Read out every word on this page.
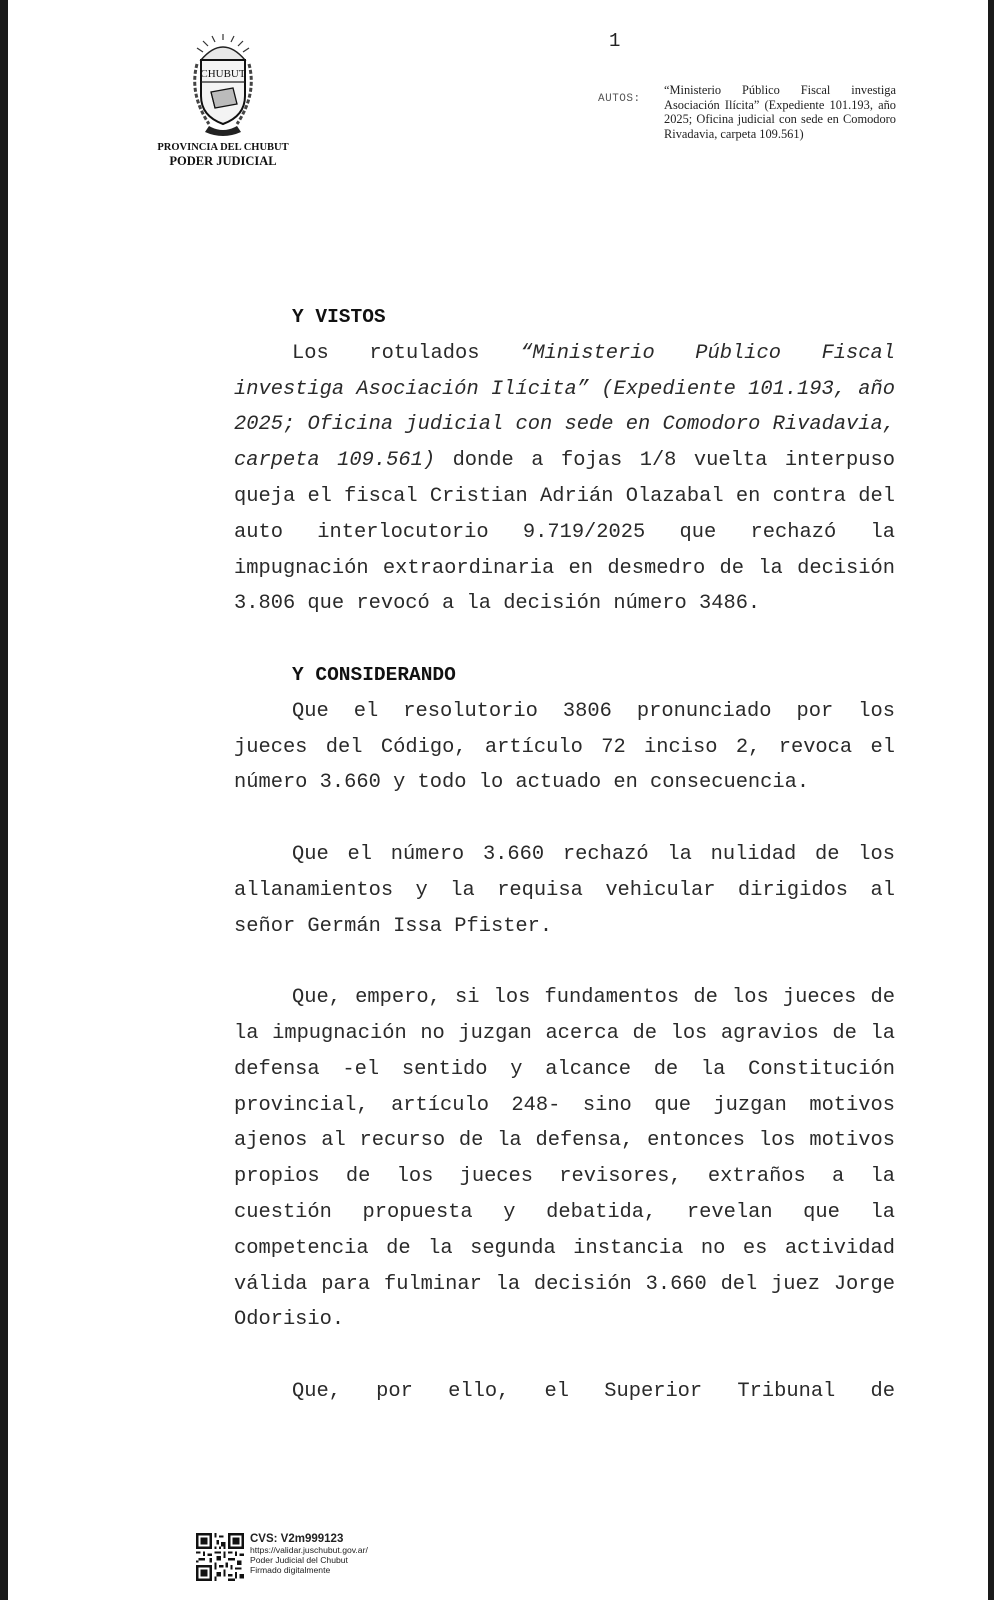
1
CHUBUT
PROVINCIA DEL CHUBUT
PODER JUDICIAL
AUTOS:
“Ministerio Público Fiscal investiga Asociación Ilícita” (Expediente 101.193, año 2025; Oficina judicial con sede en Comodoro Rivadavia, carpeta 109.561)

Y VISTOS

Los rotulados “Ministerio Público Fiscal investiga Asociación Ilícita” (Expediente 101.193, año 2025; Oficina judicial con sede en Comodoro Rivadavia, carpeta 109.561) donde a fojas 1/8 vuelta interpuso queja el fiscal Cristian Adrián Olazabal en contra del auto interlocutorio 9.719/2025 que rechazó la impugnación extraordinaria en desmedro de la decisión 3.806 que revocó a la decisión número 3486.

Y CONSIDERANDO

Que el resolutorio 3806 pronunciado por los jueces del Código, artículo 72 inciso 2, revoca el número 3.660 y todo lo actuado en consecuencia.

Que el número 3.660 rechazó la nulidad de los allanamientos y la requisa vehicular dirigidos al señor Germán Issa Pfister.

Que, empero, si los fundamentos de los jueces de la impugnación no juzgan acerca de los agravios de la defensa -el sentido y alcance de la Constitución provincial, artículo 248- sino que juzgan motivos ajenos al recurso de la defensa, entonces los motivos propios de los jueces revisores, extraños a la cuestión propuesta y debatida, revelan que la competencia de la segunda instancia no es actividad válida para fulminar la decisión 3.660 del juez Jorge Odorisio.

Que, por ello, el Superior Tribunal de

CVS: V2m999123
https://validar.juschubut.gov.ar/
Poder Judicial del Chubut
Firmado digitalmente
